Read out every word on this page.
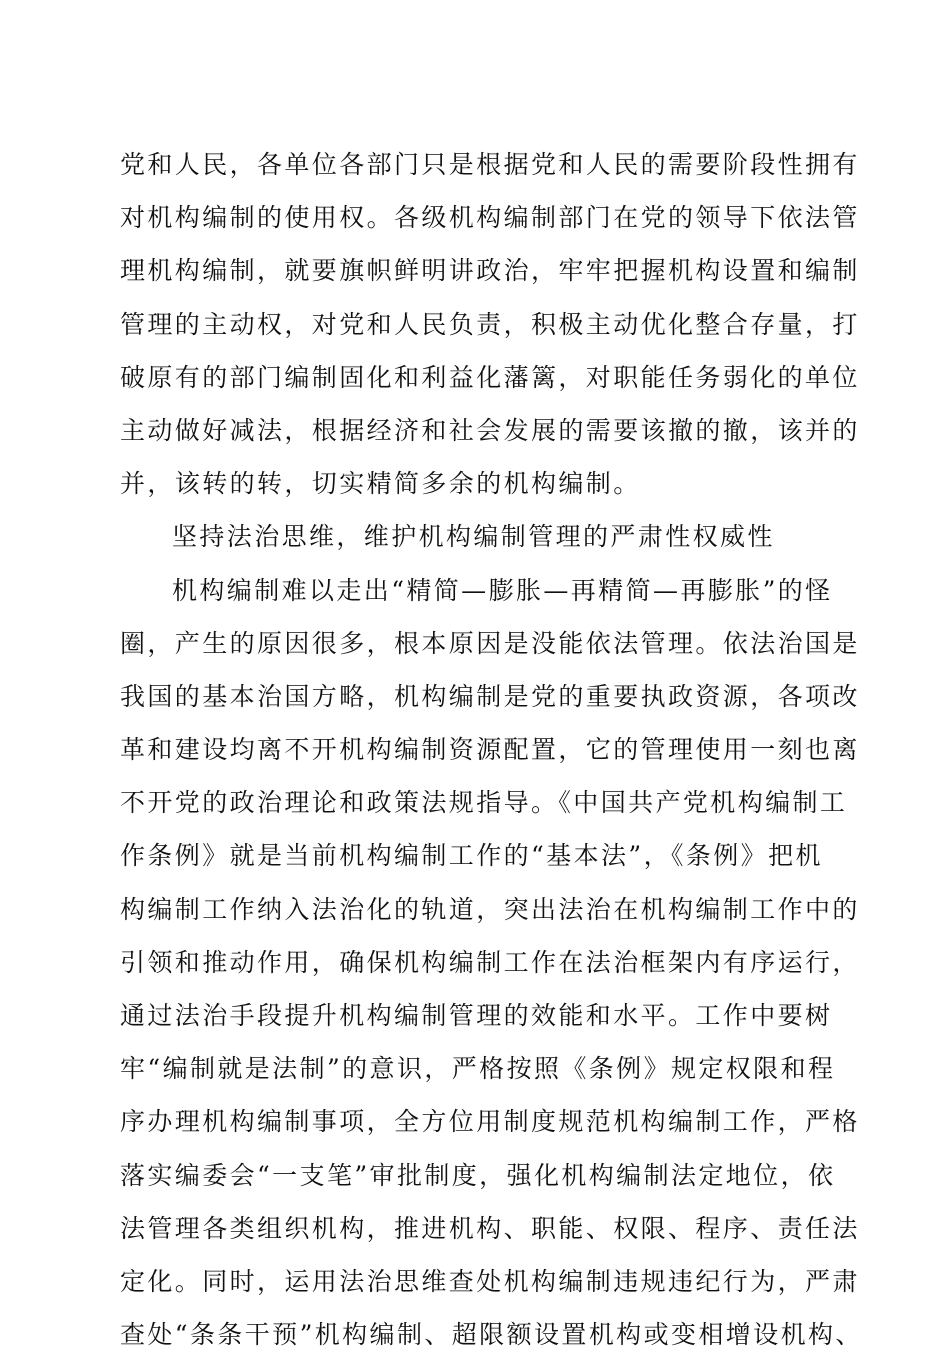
党和人民，各单位各部门只是根据党和人民的需要阶段性拥有

对机构编制的使用权。各级机构编制部门在党的领导下依法管

理机构编制，就要旗帜鲜明讲政治，牢牢把握机构设置和编制

管理的主动权，对党和人民负责，积极主动优化整合存量，打

破原有的部门编制固化和利益化藩篱，对职能任务弱化的单位

主动做好减法，根据经济和社会发展的需要该撤的撤，该并的

并，该转的转，切实精简多余的机构编制。

坚持法治思维，维护机构编制管理的严肃性权威性

机构编制难以走出“精简—膨胀—再精简—再膨胀”的怪

圈，产生的原因很多，根本原因是没能依法管理。依法治国是

我国的基本治国方略，机构编制是党的重要执政资源，各项改

革和建设均离不开机构编制资源配置，它的管理使用一刻也离

不开党的政治理论和政策法规指导。《中国共产党机构编制工

作条例》就是当前机构编制工作的“基本法”，《条例》把机

构编制工作纳入法治化的轨道，突出法治在机构编制工作中的

引领和推动作用，确保机构编制工作在法治框架内有序运行，

通过法治手段提升机构编制管理的效能和水平。工作中要树

牢“编制就是法制”的意识，严格按照《条例》规定权限和程

序办理机构编制事项，全方位用制度规范机构编制工作，严格

落实编委会“一支笔”审批制度，强化机构编制法定地位，依

法管理各类组织机构，推进机构、职能、权限、程序、责任法

定化。同时，运用法治思维查处机构编制违规违纪行为，严肃

查处“条条干预”机构编制、超限额设置机构或变相增设机构、
